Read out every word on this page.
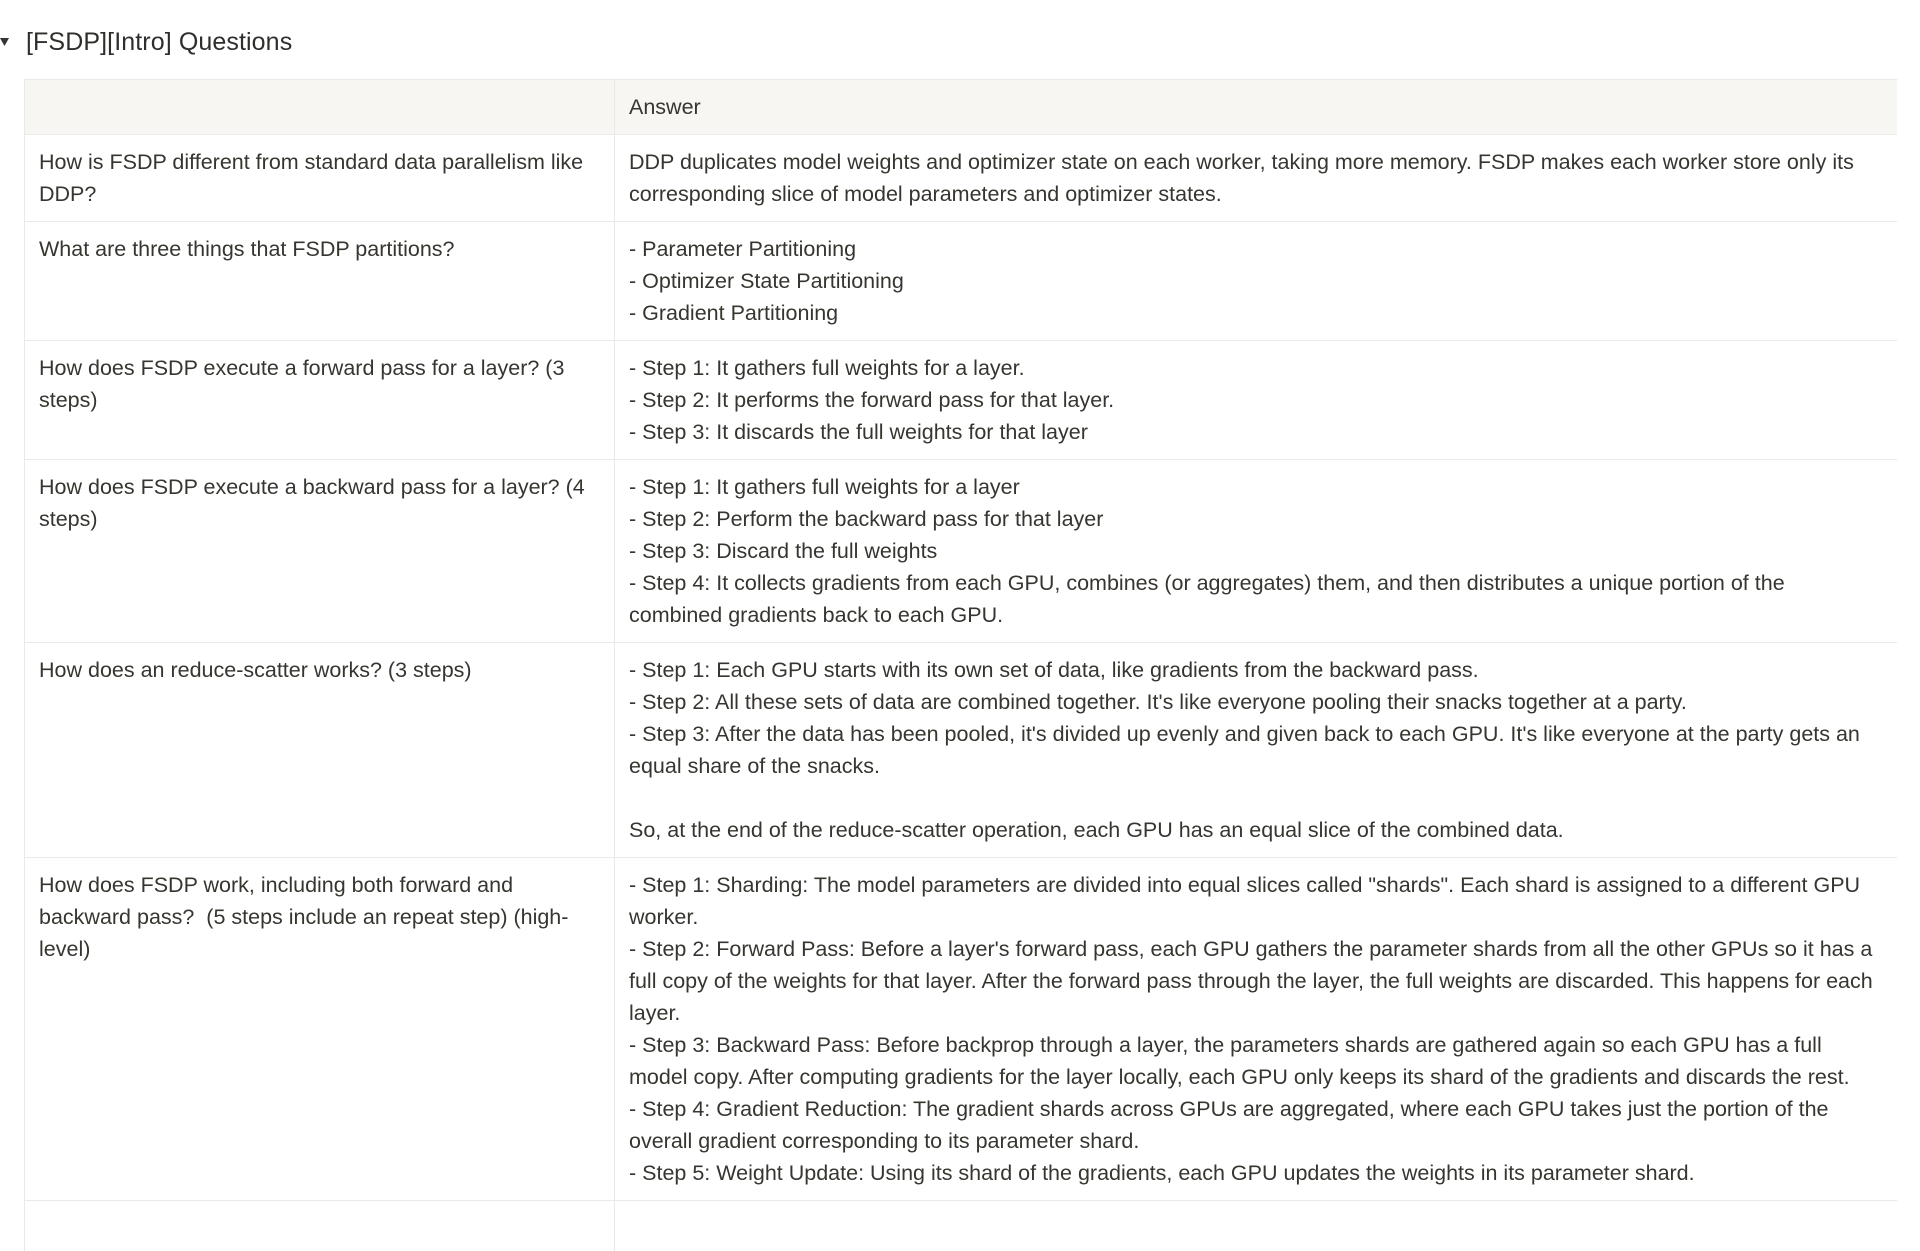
[FSDP][Intro] Questions
	Answer

How is FSDP different from standard data parallelism like DDP?	DDP duplicates model weights and optimizer state on each worker, taking more memory. FSDP makes each worker store only its corresponding slice of model parameters and optimizer states.

What are three things that FSDP partitions?	- Parameter Partitioning
- Optimizer State Partitioning
- Gradient Partitioning

How does FSDP execute a forward pass for a layer? (3 steps)	- Step 1: It gathers full weights for a layer.
- Step 2: It performs the forward pass for that layer.
- Step 3: It discards the full weights for that layer

How does FSDP execute a backward pass for a layer? (4 steps)	- Step 1: It gathers full weights for a layer
- Step 2: Perform the backward pass for that layer
- Step 3: Discard the full weights
- Step 4: It collects gradients from each GPU, combines (or aggregates) them, and then distributes a unique portion of the combined gradients back to each GPU.

How does an reduce-scatter works? (3 steps)	- Step 1: Each GPU starts with its own set of data, like gradients from the backward pass.
- Step 2: All these sets of data are combined together. It's like everyone pooling their snacks together at a party.
- Step 3: After the data has been pooled, it's divided up evenly and given back to each GPU. It's like everyone at the party gets an equal share of the snacks.

So, at the end of the reduce-scatter operation, each GPU has an equal slice of the combined data.

How does FSDP work, including both forward and backward pass?  (5 steps include an repeat step) (high-level)	- Step 1: Sharding: The model parameters are divided into equal slices called "shards". Each shard is assigned to a different GPU worker.
- Step 2: Forward Pass: Before a layer's forward pass, each GPU gathers the parameter shards from all the other GPUs so it has a full copy of the weights for that layer. After the forward pass through the layer, the full weights are discarded. This happens for each layer.
- Step 3: Backward Pass: Before backprop through a layer, the parameters shards are gathered again so each GPU has a full model copy. After computing gradients for the layer locally, each GPU only keeps its shard of the gradients and discards the rest.
- Step 4: Gradient Reduction: The gradient shards across GPUs are aggregated, where each GPU takes just the portion of the overall gradient corresponding to its parameter shard.
- Step 5: Weight Update: Using its shard of the gradients, each GPU updates the weights in its parameter shard.
